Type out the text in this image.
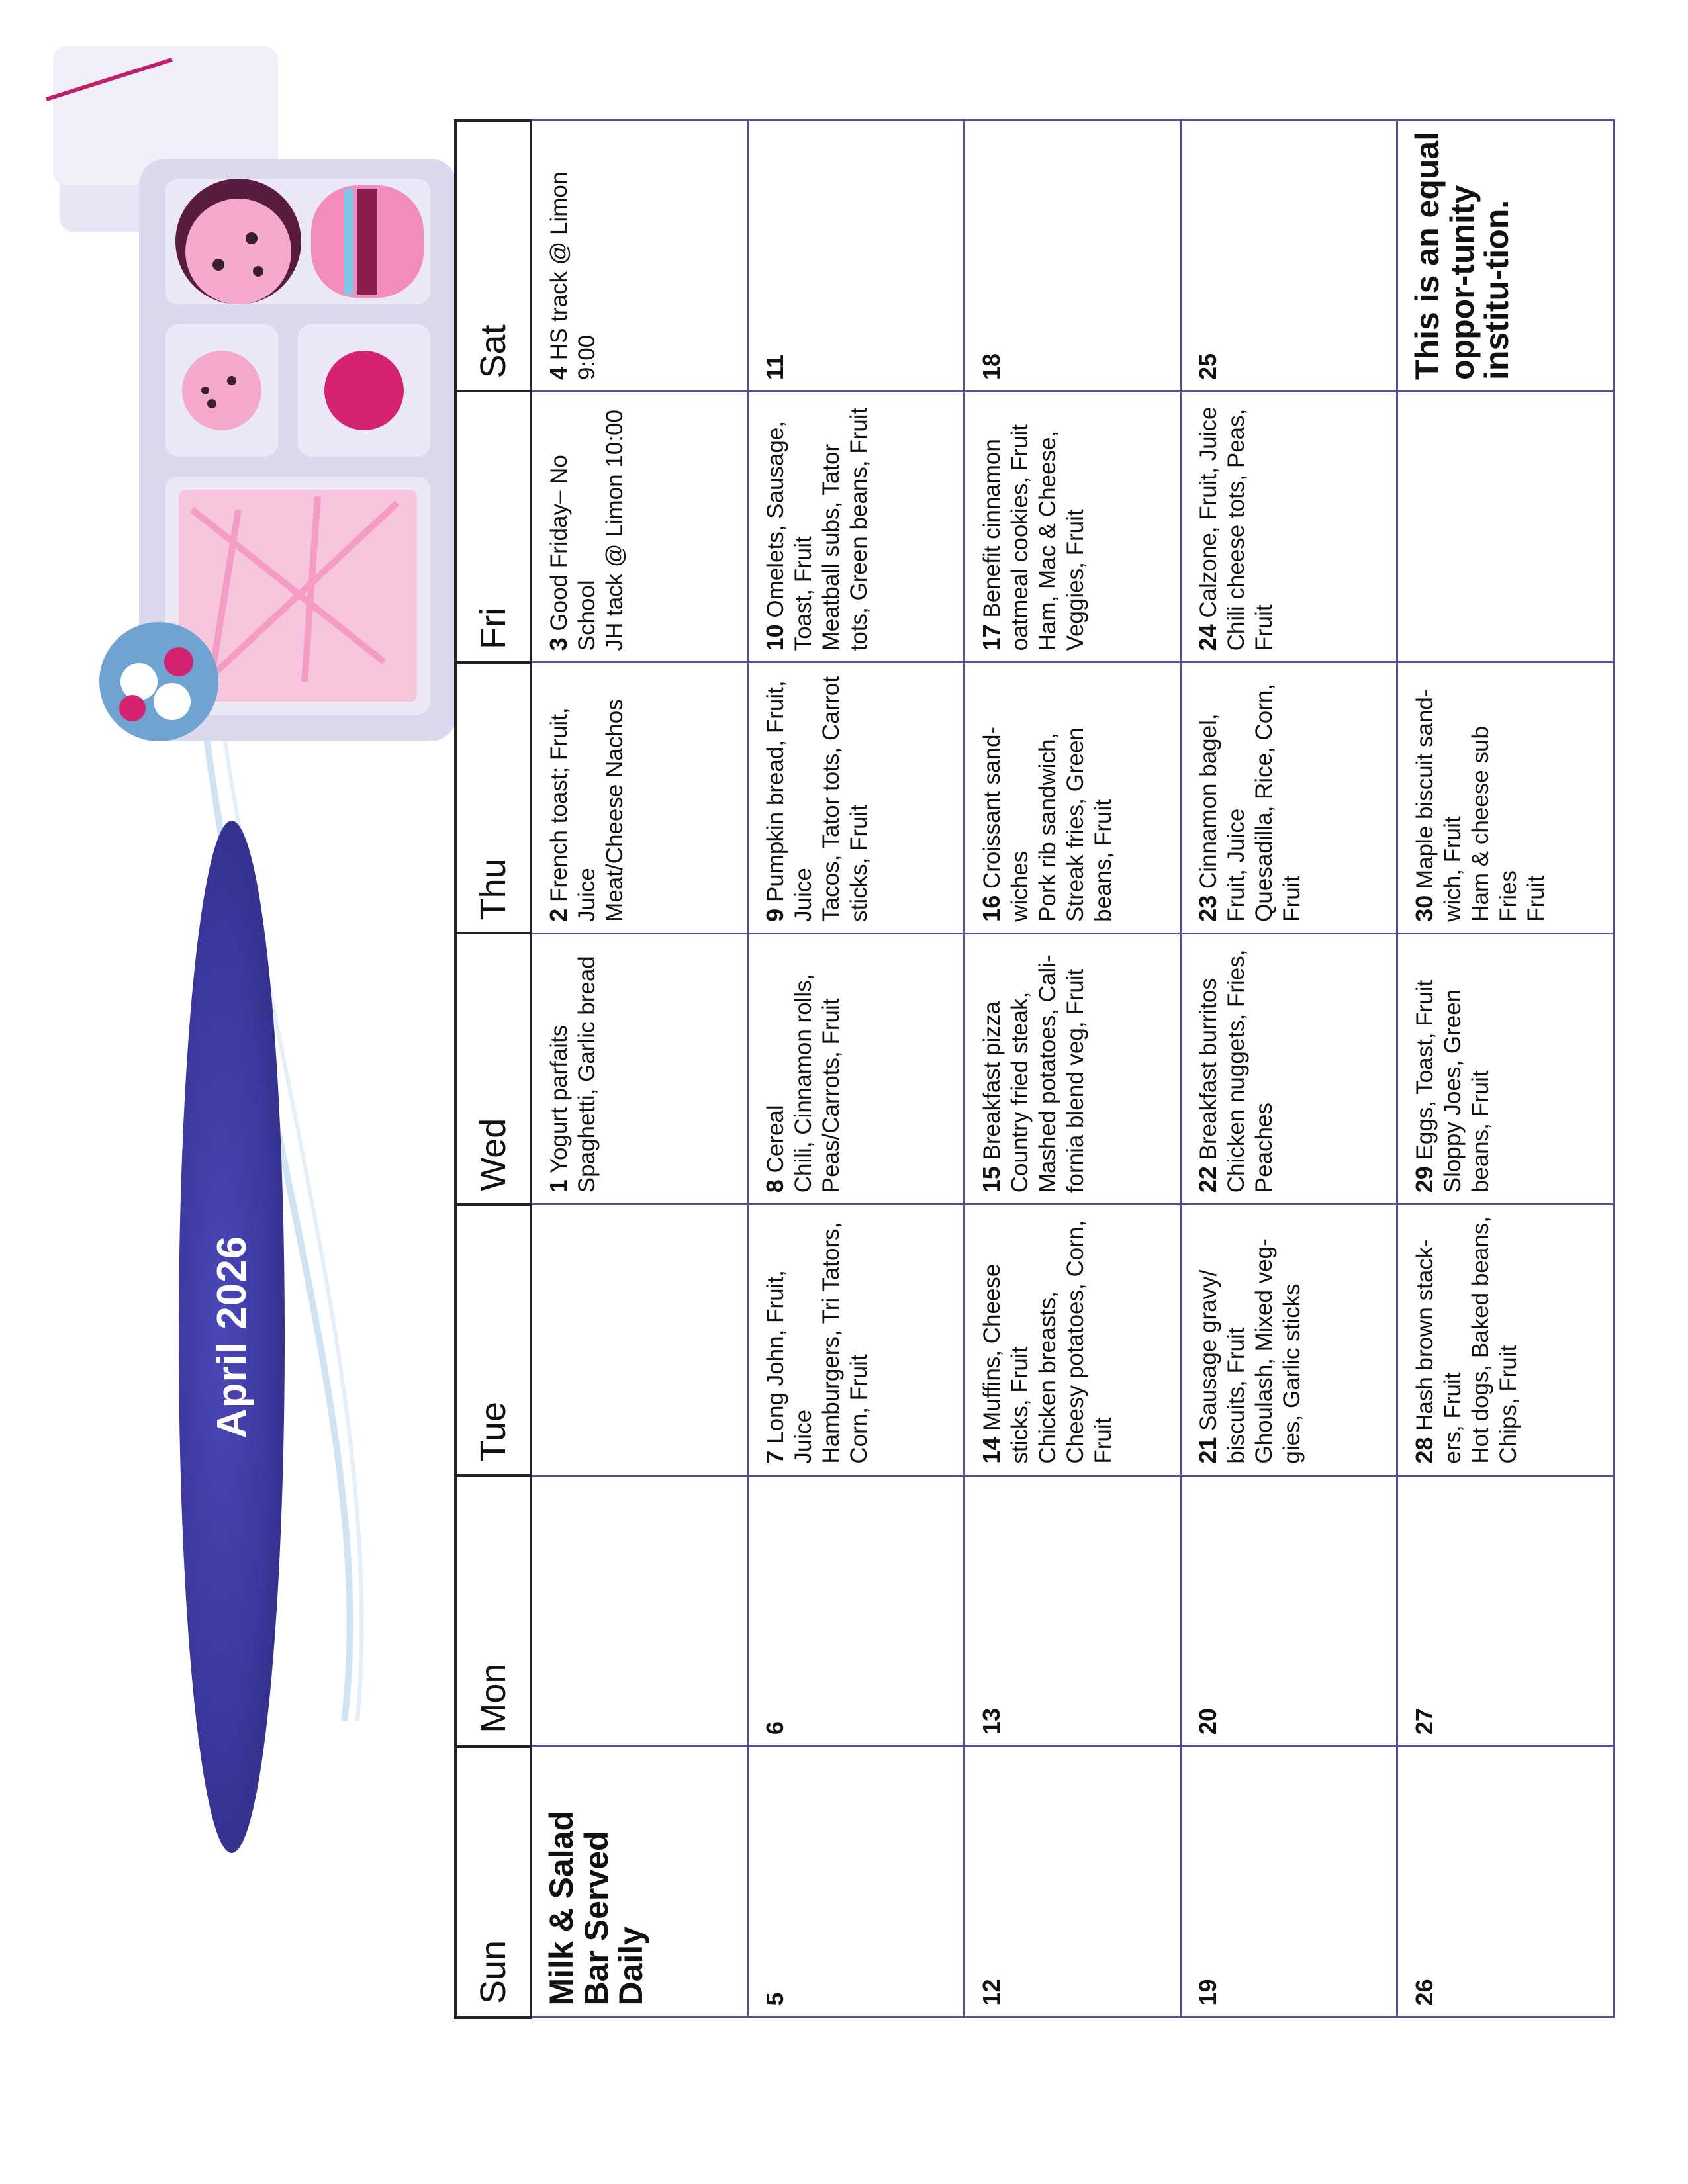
April 2026
Sun	Mon	Tue	Wed	Thu	Fri	Sat

Milk & Salad Bar Served Daily			1 Yogurt parfaits Spaghetti, Garlic bread	2 French toast; Fruit, Juice Meat/Cheese Nachos	3 Good Friday– No School JH tack @ Limon 10:00	4 HS track @ Limon 9:00
5	6	7 Long John, Fruit, Juice Hamburgers, Tri Tators, Corn, Fruit	8 Cereal Chili, Cinnamon rolls, Peas/Carrots, Fruit	9 Pumpkin bread, Fruit, Juice Tacos, Tator tots, Carrot sticks, Fruit	10 Omelets, Sausage, Toast, Fruit Meatball subs, Tator tots, Green beans, Fruit	11
12	13	14 Muffins, Cheese sticks, Fruit Chicken breasts, Cheesy potatoes, Corn, Fruit	15 Breakfast pizza Country fried steak, Mashed potatoes, Cali-fornia blend veg, Fruit	16 Croissant sand-wiches Pork rib sandwich, Streak fries, Green beans, Fruit	17 Benefit cinnamon oatmeal cookies, Fruit Ham, Mac & Cheese, Veggies, Fruit	18
19	20	21 Sausage gravy/ biscuits, Fruit Ghoulash, Mixed veg-gies, Garlic sticks	22 Breakfast burritos Chicken nuggets, Fries, Peaches	23 Cinnamon bagel, Fruit, Juice Quesadilla, Rice, Corn, Fruit	24 Calzone, Fruit, Juice Chili cheese tots, Peas, Fruit	25
26	27	28 Hash brown stack-ers, Fruit Hot dogs, Baked beans, Chips, Fruit	29 Eggs, Toast, Fruit Sloppy Joes, Green beans, Fruit	30 Maple biscuit sand-wich, Fruit Ham & cheese sub Fries Fruit		This is an equal oppor-tunity institu-tion.
